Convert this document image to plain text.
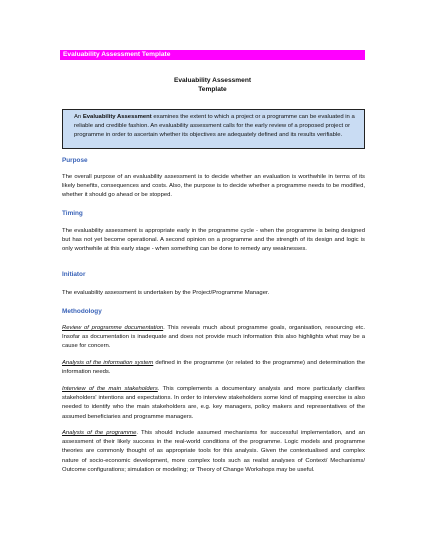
Evaluability Assessment Template
Evaluability Assessment
Template
An Evaluability Assessment examines the extent to which a project or a programme can be evaluated in a reliable and credible fashion. An evaluability assessment calls for the early review of a proposed project or programme in order to ascertain whether its objectives are adequately defined and its results verifiable.
Purpose
The overall purpose of an evaluability assessment is to decide whether an evaluation is worthwhile in terms of its likely benefits, consequences and costs. Also, the purpose is to decide whether a programme needs to be modified, whether it should go ahead or be stopped.
Timing
The evaluability assessment is appropriate early in the programme cycle - when the programme is being designed but has not yet become operational. A second opinion on a programme and the strength of its design and logic is only worthwhile at this early stage - when something can be done to remedy any weaknesses.
Initiator
The evaluability assessment is undertaken by the Project/Programme Manager.
Methodology
Review of programme documentation. This reveals much about programme goals, organisation, resourcing etc. Insofar as documentation is inadequate and does not provide much information this also highlights what may be a cause for concern.
Analysis of the information system defined in the programme (or related to the programme) and determination the information needs.
Interview of the main stakeholders. This complements a documentary analysis and more particularly clarifies stakeholders' intentions and expectations. In order to interview stakeholders some kind of mapping exercise is also needed to identify who the main stakeholders are, e.g. key managers, policy makers and representatives of the assumed beneficiaries and programme managers.
Analysis of the programme. This should include assumed mechanisms for successful implementation, and an assessment of their likely success in the real-world conditions of the programme. Logic models and programme theories are commonly thought of as appropriate tools for this analysis. Given the contextualised and complex nature of socio-economic development, more complex tools such as realist analyses of Context/ Mechanisms/ Outcome configurations; simulation or modeling; or Theory of Change Workshops may be useful.
